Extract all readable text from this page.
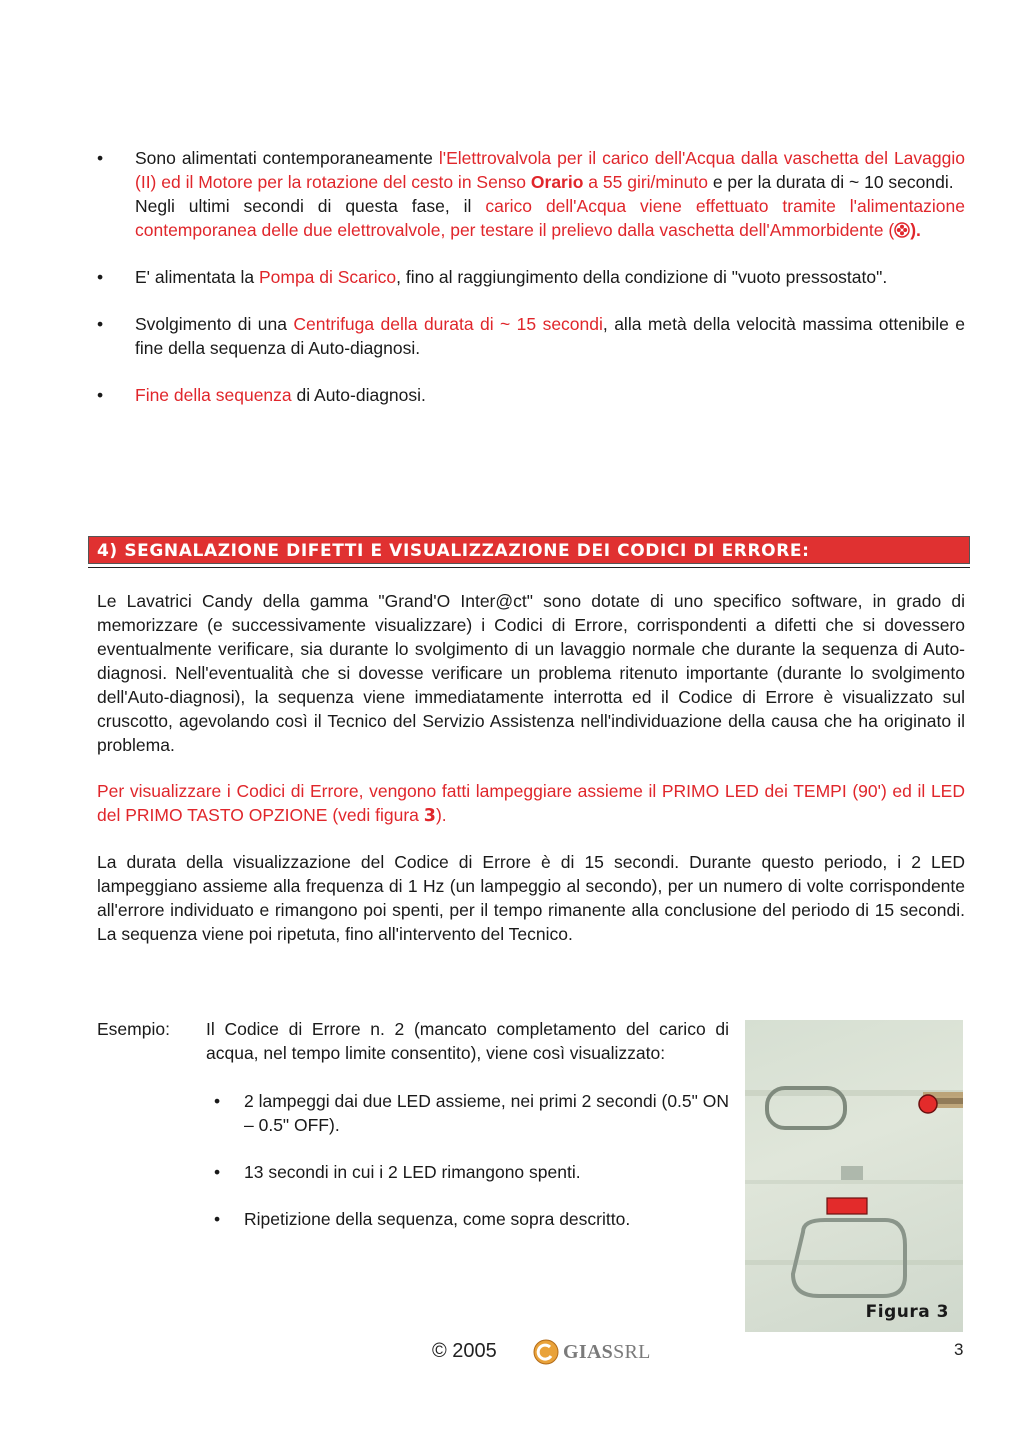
•	Sono alimentati contemporaneamente l'Elettrovalvola per il carico dell'Acqua dalla vaschetta del Lavaggio (II) ed il Motore per la rotazione del cesto in Senso Orario a 55 giri/minuto e per la durata di ~ 10 secondi.
Negli ultimi secondi di questa fase, il carico dell'Acqua viene effettuato tramite l'alimentazione contemporanea delle due elettrovalvole, per testare il prelievo dalla vaschetta dell'Ammorbidente ( ).
•	E' alimentata la Pompa di Scarico, fino al raggiungimento della condizione di "vuoto pressostato".
•	Svolgimento di una Centrifuga della durata di ~ 15 secondi, alla metà della velocità massima ottenibile e fine della sequenza di Auto-diagnosi.
•	Fine della sequenza di Auto-diagnosi.
4) SEGNALAZIONE DIFETTI E VISUALIZZAZIONE DEI CODICI DI ERRORE:

Le Lavatrici Candy della gamma "Grand'O Inter@ct" sono dotate di uno specifico software, in grado di memorizzare (e successivamente visualizzare) i Codici di Errore, corrispondenti a difetti che si dovessero eventualmente verificare, sia durante lo svolgimento di un lavaggio normale che durante la sequenza di Auto-diagnosi. Nell'eventualità che si dovesse verificare un problema ritenuto importante (durante lo svolgimento dell'Auto-diagnosi), la sequenza viene immediatamente interrotta ed il Codice di Errore è visualizzato sul cruscotto, agevolando così il Tecnico del Servizio Assistenza nell'individuazione della causa che ha originato il problema.

Per visualizzare i Codici di Errore, vengono fatti lampeggiare assieme il PRIMO LED dei TEMPI (90') ed il LED del PRIMO TASTO OPZIONE (vedi figura 3).

La durata della visualizzazione del Codice di Errore è di 15 secondi. Durante questo periodo, i 2 LED lampeggiano assieme alla frequenza di 1 Hz (un lampeggio al secondo), per un numero di volte corrispondente all'errore individuato e rimangono poi spenti, per il tempo rimanente alla conclusione del periodo di 15 secondi. La sequenza viene poi ripetuta, fino all'intervento del Tecnico.

Esempio: Il Codice di Errore n. 2 (mancato completamento del carico di acqua, nel tempo limite consentito), viene così visualizzato:

• 2 lampeggi dai due LED assieme, nei primi 2 secondi (0.5" ON – 0.5" OFF).
• 13 secondi in cui i 2 LED rimangono spenti.
• Ripetizione della sequenza, come sopra descritto.
Figura 3
© 2005	GIASSRL	3
